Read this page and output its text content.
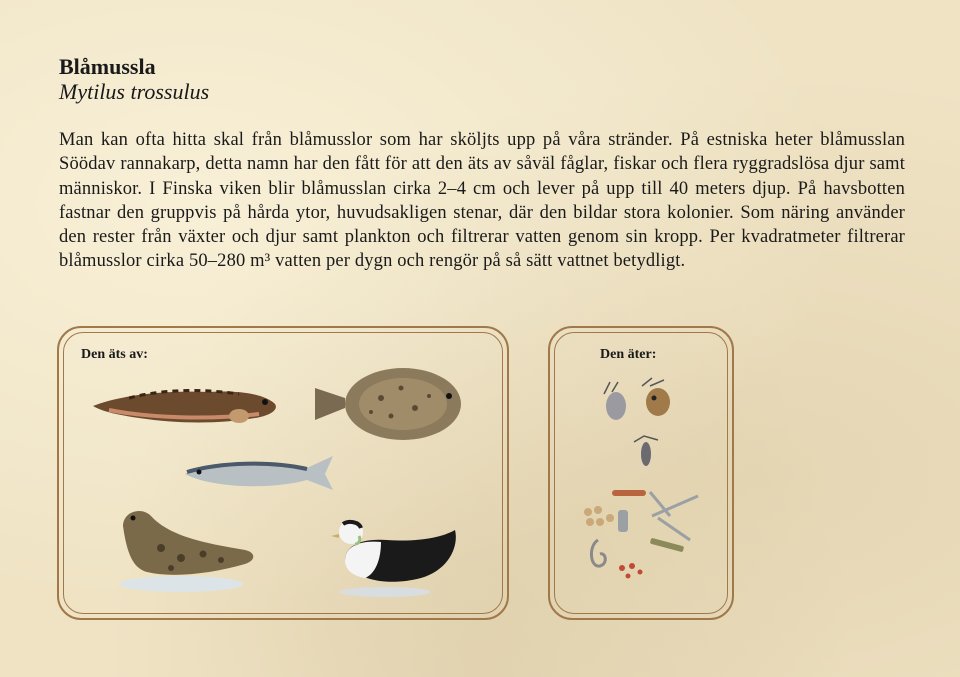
Blåmussla
Mytilus trossulus

Man kan ofta hitta skal från blåmusslor som har sköljts upp på våra stränder. På estniska heter blåmusslan Söödav rannakarp, detta namn har den fått för att den äts av såväl fåglar, fiskar och flera ryggradslösa djur samt människor. I Finska viken blir blåmusslan cirka 2–4 cm och lever på upp till 40 meters djup. På havsbotten fastnar den gruppvis på hårda ytor, huvudsakligen stenar, där den bildar stora kolonier. Som näring använder den rester från växter och djur samt plankton och filtrerar vatten genom sin kropp. Per kvadratmeter filtrerar blåmusslor cirka 50–280 m³ vatten per dygn och rengör på så sätt vattnet betydligt.

Den äts av:	Den äter:
